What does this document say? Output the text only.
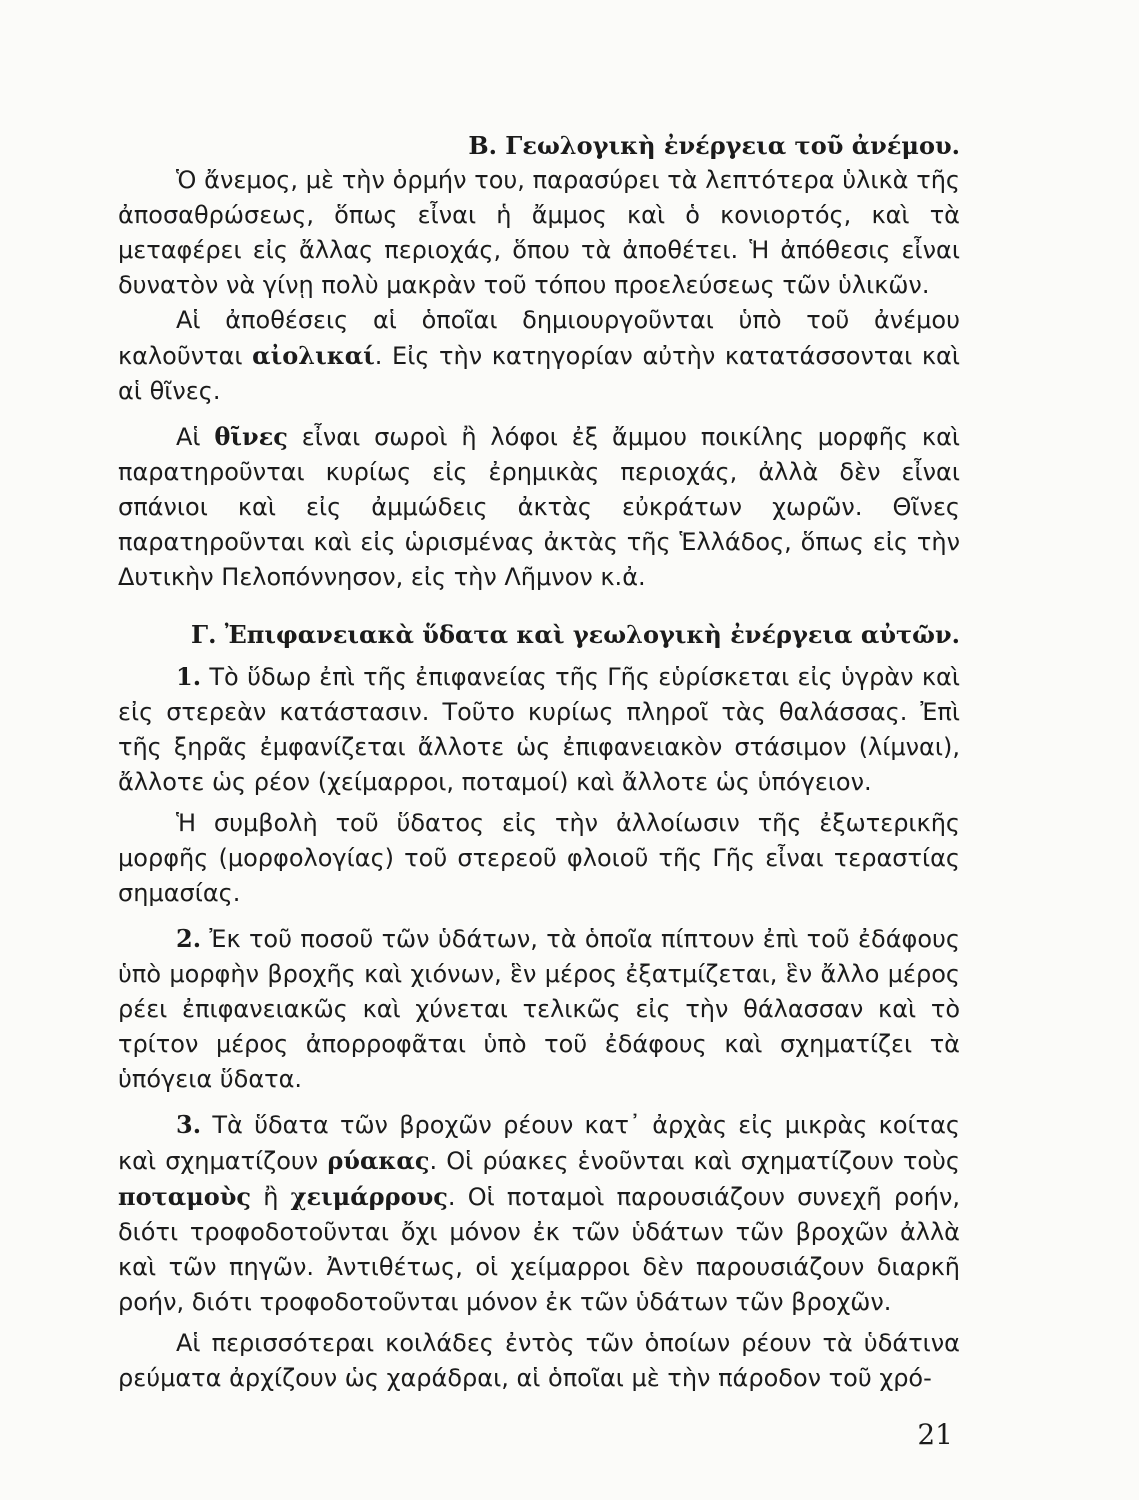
Β. Γεωλογικὴ ἐνέργεια τοῦ ἀνέμου.

Ὁ ἄνεμος, μὲ τὴν ὁρμήν του, παρασύρει τὰ λεπτότερα ὑλικὰ τῆς ἀποσαθρώσεως, ὅπως εἶναι ἡ ἄμμος καὶ ὁ κονιορτός, καὶ τὰ μεταφέρει εἰς ἄλλας περιοχάς, ὅπου τὰ ἀποθέτει. Ἡ ἀπόθεσις εἶναι δυνατὸν νὰ γίνῃ πολὺ μακρὰν τοῦ τόπου προελεύσεως τῶν ὑλικῶν.

Αἱ ἀποθέσεις αἱ ὁποῖαι δημιουργοῦνται ὑπὸ τοῦ ἀνέμου καλοῦνται αἰολικαί. Εἰς τὴν κατηγορίαν αὐτὴν κατατάσσονται καὶ αἱ θῖνες.

Αἱ θῖνες εἶναι σωροὶ ἢ λόφοι ἐξ ἄμμου ποικίλης μορφῆς καὶ παρατηροῦνται κυρίως εἰς ἐρημικὰς περιοχάς, ἀλλὰ δὲν εἶναι σπάνιοι καὶ εἰς ἀμμώδεις ἀκτὰς εὐκράτων χωρῶν. Θῖνες παρατηροῦνται καὶ εἰς ὡρισμένας ἀκτὰς τῆς Ἑλλάδος, ὅπως εἰς τὴν Δυτικὴν Πελοπόννησον, εἰς τὴν Λῆμνον κ.ἀ.

Γ. Ἐπιφανειακὰ ὕδατα καὶ γεωλογικὴ ἐνέργεια αὐτῶν.

1. Τὸ ὕδωρ ἐπὶ τῆς ἐπιφανείας τῆς Γῆς εὑρίσκεται εἰς ὑγρὰν καὶ εἰς στερεὰν κατάστασιν. Τοῦτο κυρίως πληροῖ τὰς θαλάσσας. Ἐπὶ τῆς ξηρᾶς ἐμφανίζεται ἄλλοτε ὡς ἐπιφανειακὸν στάσιμον (λίμναι), ἄλλοτε ὡς ρέον (χείμαρροι, ποταμοί) καὶ ἄλλοτε ὡς ὑπόγειον.

Ἡ συμβολὴ τοῦ ὕδατος εἰς τὴν ἀλλοίωσιν τῆς ἐξωτερικῆς μορφῆς (μορφολογίας) τοῦ στερεοῦ φλοιοῦ τῆς Γῆς εἶναι τεραστίας σημασίας.

2. Ἐκ τοῦ ποσοῦ τῶν ὑδάτων, τὰ ὁποῖα πίπτουν ἐπὶ τοῦ ἐδάφους ὑπὸ μορφὴν βροχῆς καὶ χιόνων, ἓν μέρος ἐξατμίζεται, ἓν ἄλλο μέρος ρέει ἐπιφανειακῶς καὶ χύνεται τελικῶς εἰς τὴν θάλασσαν καὶ τὸ τρίτον μέρος ἀπορροφᾶται ὑπὸ τοῦ ἐδάφους καὶ σχηματίζει τὰ ὑπόγεια ὕδατα.

3. Τὰ ὕδατα τῶν βροχῶν ρέουν κατ᾽ ἀρχὰς εἰς μικρὰς κοίτας καὶ σχηματίζουν ρύακας. Οἱ ρύακες ἑνοῦνται καὶ σχηματίζουν τοὺς ποταμοὺς ἢ χειμάρρους. Οἱ ποταμοὶ παρουσιάζουν συνεχῆ ροήν, διότι τροφοδοτοῦνται ὄχι μόνον ἐκ τῶν ὑδάτων τῶν βροχῶν ἀλλὰ καὶ τῶν πηγῶν. Ἀντιθέτως, οἱ χείμαρροι δὲν παρουσιάζουν διαρκῆ ροήν, διότι τροφοδοτοῦνται μόνον ἐκ τῶν ὑδάτων τῶν βροχῶν.

Αἱ περισσότεραι κοιλάδες ἐντὸς τῶν ὁποίων ρέουν τὰ ὑδάτινα ρεύματα ἀρχίζουν ὡς χαράδραι, αἱ ὁποῖαι μὲ τὴν πάροδον τοῦ χρό-

21
